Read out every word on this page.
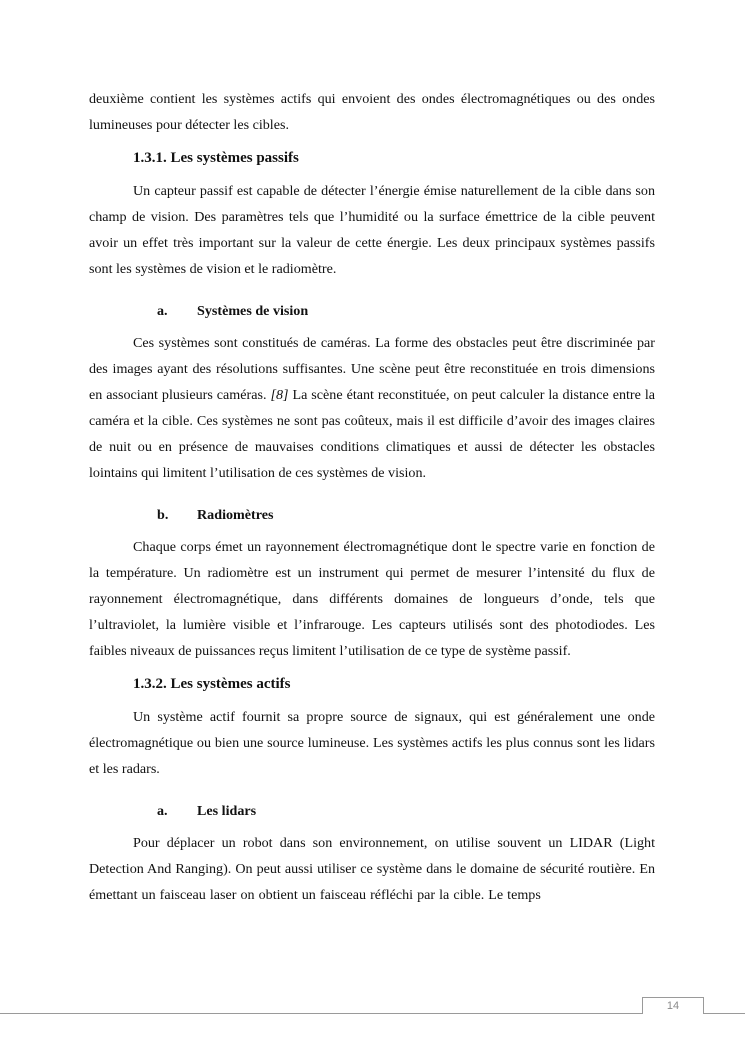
deuxième contient les systèmes actifs qui envoient des ondes électromagnétiques ou des ondes lumineuses pour détecter les cibles.

1.3.1. Les systèmes passifs

Un capteur passif est capable de détecter l’énergie émise naturellement de la cible dans son champ de vision. Des paramètres tels que l’humidité ou la surface émettrice de la cible peuvent avoir un effet très important sur la valeur de cette énergie. Les deux principaux systèmes passifs sont les systèmes de vision et le radiomètre.

a. Systèmes de vision

Ces systèmes sont constitués de caméras. La forme des obstacles peut être discriminée par des images ayant des résolutions suffisantes. Une scène peut être reconstituée en trois dimensions en associant plusieurs caméras. [8] La scène étant reconstituée, on peut calculer la distance entre la caméra et la cible. Ces systèmes ne sont pas coûteux, mais il est difficile d’avoir des images claires de nuit ou en présence de mauvaises conditions climatiques et aussi de détecter les obstacles lointains qui limitent l’utilisation de ces systèmes de vision.

b. Radiomètres

Chaque corps émet un rayonnement électromagnétique dont le spectre varie en fonction de la température. Un radiomètre est un instrument qui permet de mesurer l’intensité du flux de rayonnement électromagnétique, dans différents domaines de longueurs d’onde, tels que l’ultraviolet, la lumière visible et l’infrarouge. Les capteurs utilisés sont des photodiodes. Les faibles niveaux de puissances reçus limitent l’utilisation de ce type de système passif.

1.3.2. Les systèmes actifs

Un système actif fournit sa propre source de signaux, qui est généralement une onde électromagnétique ou bien une source lumineuse. Les systèmes actifs les plus connus sont les lidars et les radars.

a. Les lidars

Pour déplacer un robot dans son environnement, on utilise souvent un LIDAR (Light Detection And Ranging). On peut aussi utiliser ce système dans le domaine de sécurité routière. En émettant un faisceau laser on obtient un faisceau réfléchi par la cible. Le temps

14
